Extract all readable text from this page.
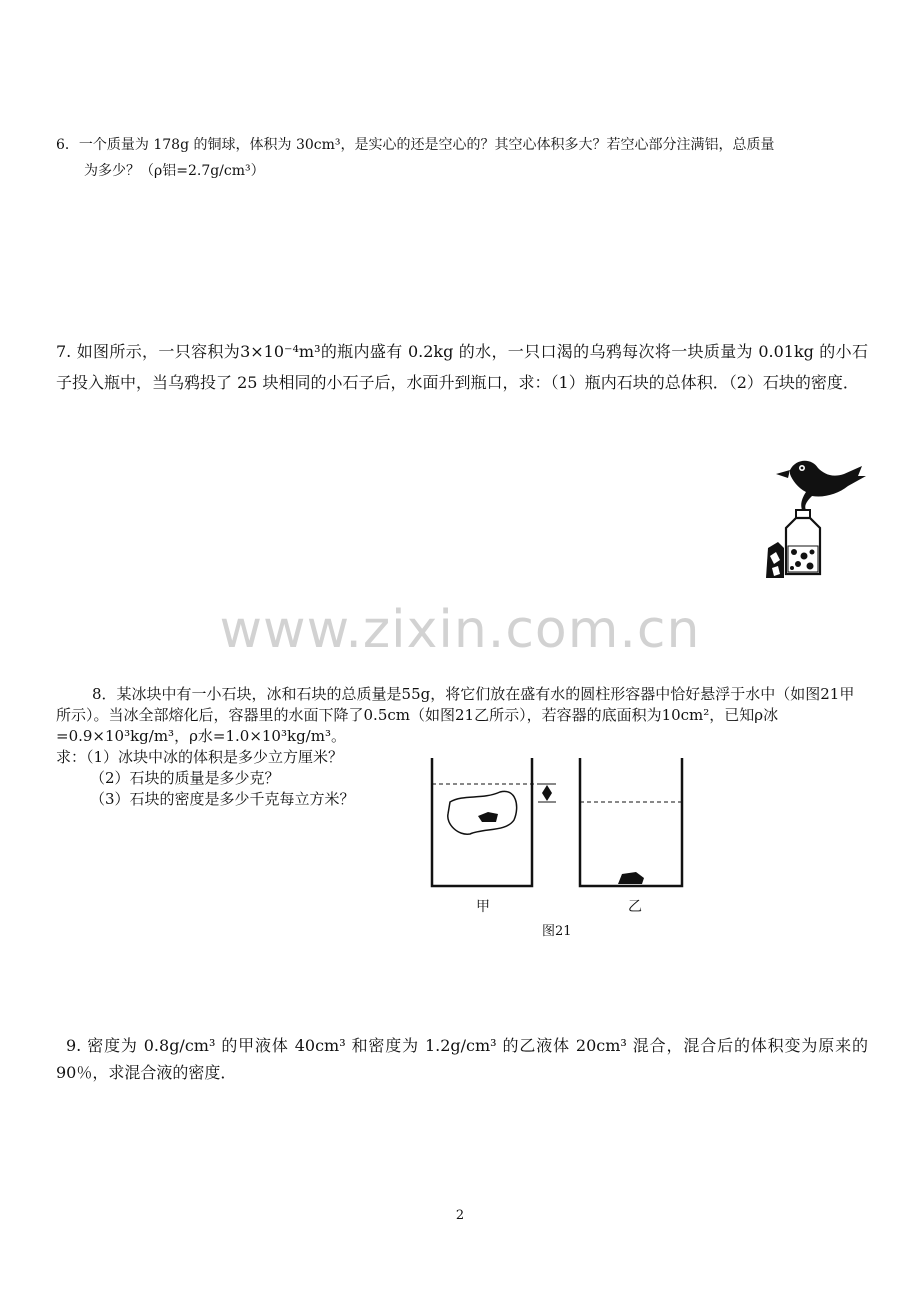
6．一个质量为 178g 的铜球，体积为 30cm³，是实心的还是空心的？其空心体积多大？若空心部分注满铝，总质量
为多少？（ρ铝=2.7g/cm³）
7. 如图所示，一只容积为3×10⁻⁴m³的瓶内盛有 0.2kg 的水，一只口渴的乌鸦每次将一块质量为 0.01kg 的小石子投入瓶中，当乌鸦投了 25 块相同的小石子后，水面升到瓶口，求：（1）瓶内石块的总体积．（2）石块的密度．
www.zixin.com.cn
8．某冰块中有一小石块，冰和石块的总质量是55g，将它们放在盛有水的圆柱形容器中恰好悬浮于水中（如图21甲所示）。当冰全部熔化后，容器里的水面下降了0.5cm（如图21乙所示），若容器的底面积为10cm²，已知ρ冰=0.9×10³kg/m³，ρ水=1.0×10³kg/m³。
求：（1）冰块中冰的体积是多少立方厘米？
（2）石块的质量是多少克？
（3）石块的密度是多少千克每立方米？
甲	乙
图21
9. 密度为 0.8g/cm³ 的甲液体 40cm³ 和密度为 1.2g/cm³ 的乙液体 20cm³ 混合，混合后的体积变为原来的 90％，求混合液的密度．
2
